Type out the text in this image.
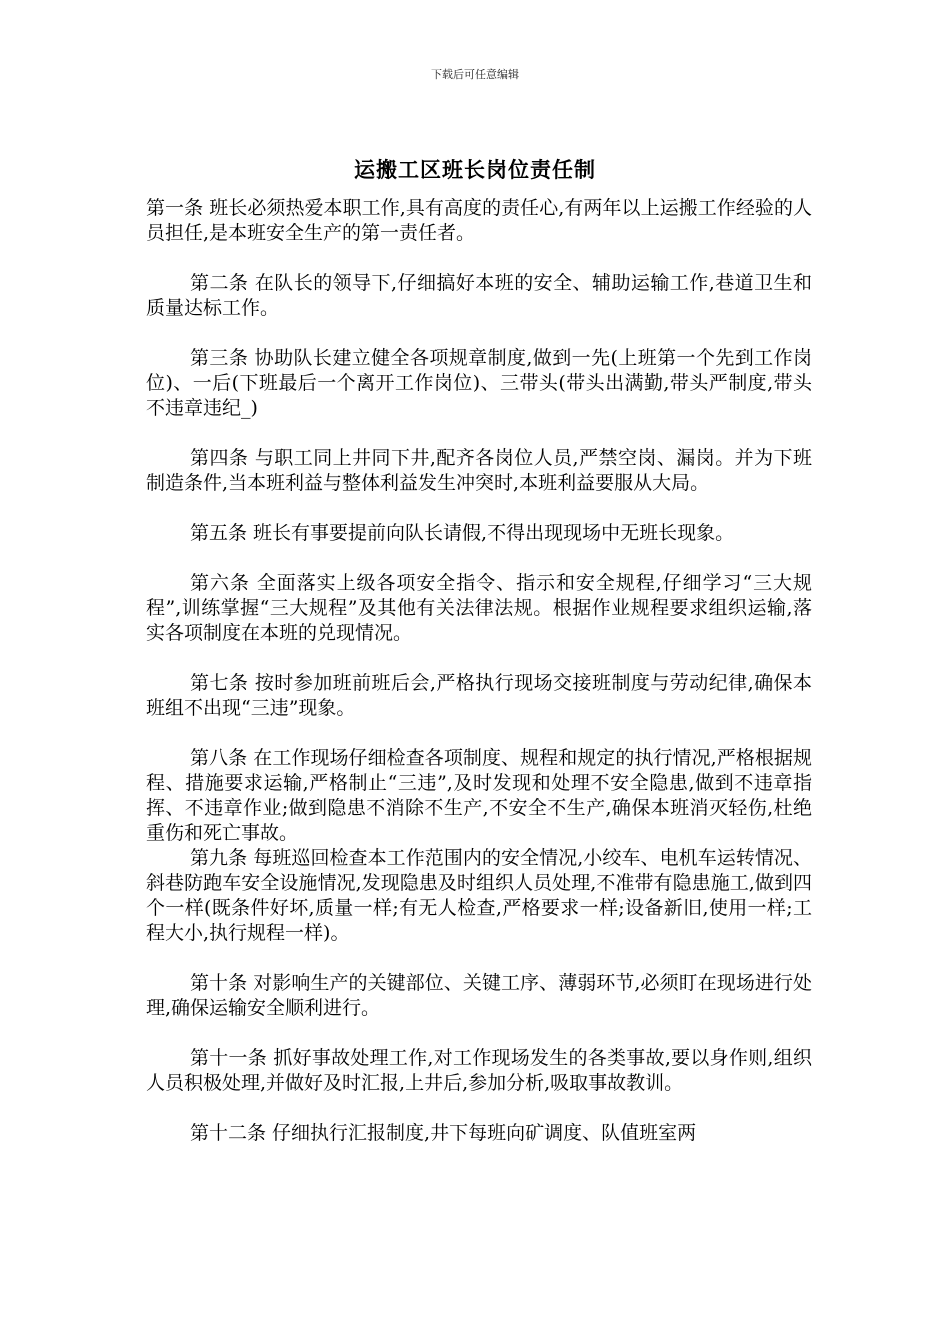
下载后可任意编辑
运搬工区班长岗位责任制

第一条 班长必须热爱本职工作,具有高度的责任心,有两年以上运搬工作经验的人员担任,是本班安全生产的第一责任者。

第二条 在队长的领导下,仔细搞好本班的安全、辅助运输工作,巷道卫生和质量达标工作。

第三条 协助队长建立健全各项规章制度,做到一先(上班第一个先到工作岗位)、一后(下班最后一个离开工作岗位)、三带头(带头出满勤,带头严制度,带头不违章违纪_)

第四条 与职工同上井同下井,配齐各岗位人员,严禁空岗、漏岗。并为下班制造条件,当本班利益与整体利益发生冲突时,本班利益要服从大局。

第五条 班长有事要提前向队长请假,不得出现现场中无班长现象。

第六条 全面落实上级各项安全指令、指示和安全规程,仔细学习“三大规程”,训练掌握“三大规程”及其他有关法律法规。根据作业规程要求组织运输,落实各项制度在本班的兑现情况。

第七条 按时参加班前班后会,严格执行现场交接班制度与劳动纪律,确保本班组不出现“三违”现象。

第八条 在工作现场仔细检查各项制度、规程和规定的执行情况,严格根据规程、措施要求运输,严格制止“三违”,及时发现和处理不安全隐患,做到不违章指挥、不违章作业;做到隐患不消除不生产,不安全不生产,确保本班消灭轻伤,杜绝重伤和死亡事故。

第九条 每班巡回检查本工作范围内的安全情况,小绞车、电机车运转情况、斜巷防跑车安全设施情况,发现隐患及时组织人员处理,不准带有隐患施工,做到四个一样(既条件好坏,质量一样;有无人检查,严格要求一样;设备新旧,使用一样;工程大小,执行规程一样)。

第十条 对影响生产的关键部位、关键工序、薄弱环节,必须盯在现场进行处理,确保运输安全顺利进行。

第十一条 抓好事故处理工作,对工作现场发生的各类事故,要以身作则,组织人员积极处理,并做好及时汇报,上井后,参加分析,吸取事故教训。

第十二条 仔细执行汇报制度,井下每班向矿调度、队值班室两
